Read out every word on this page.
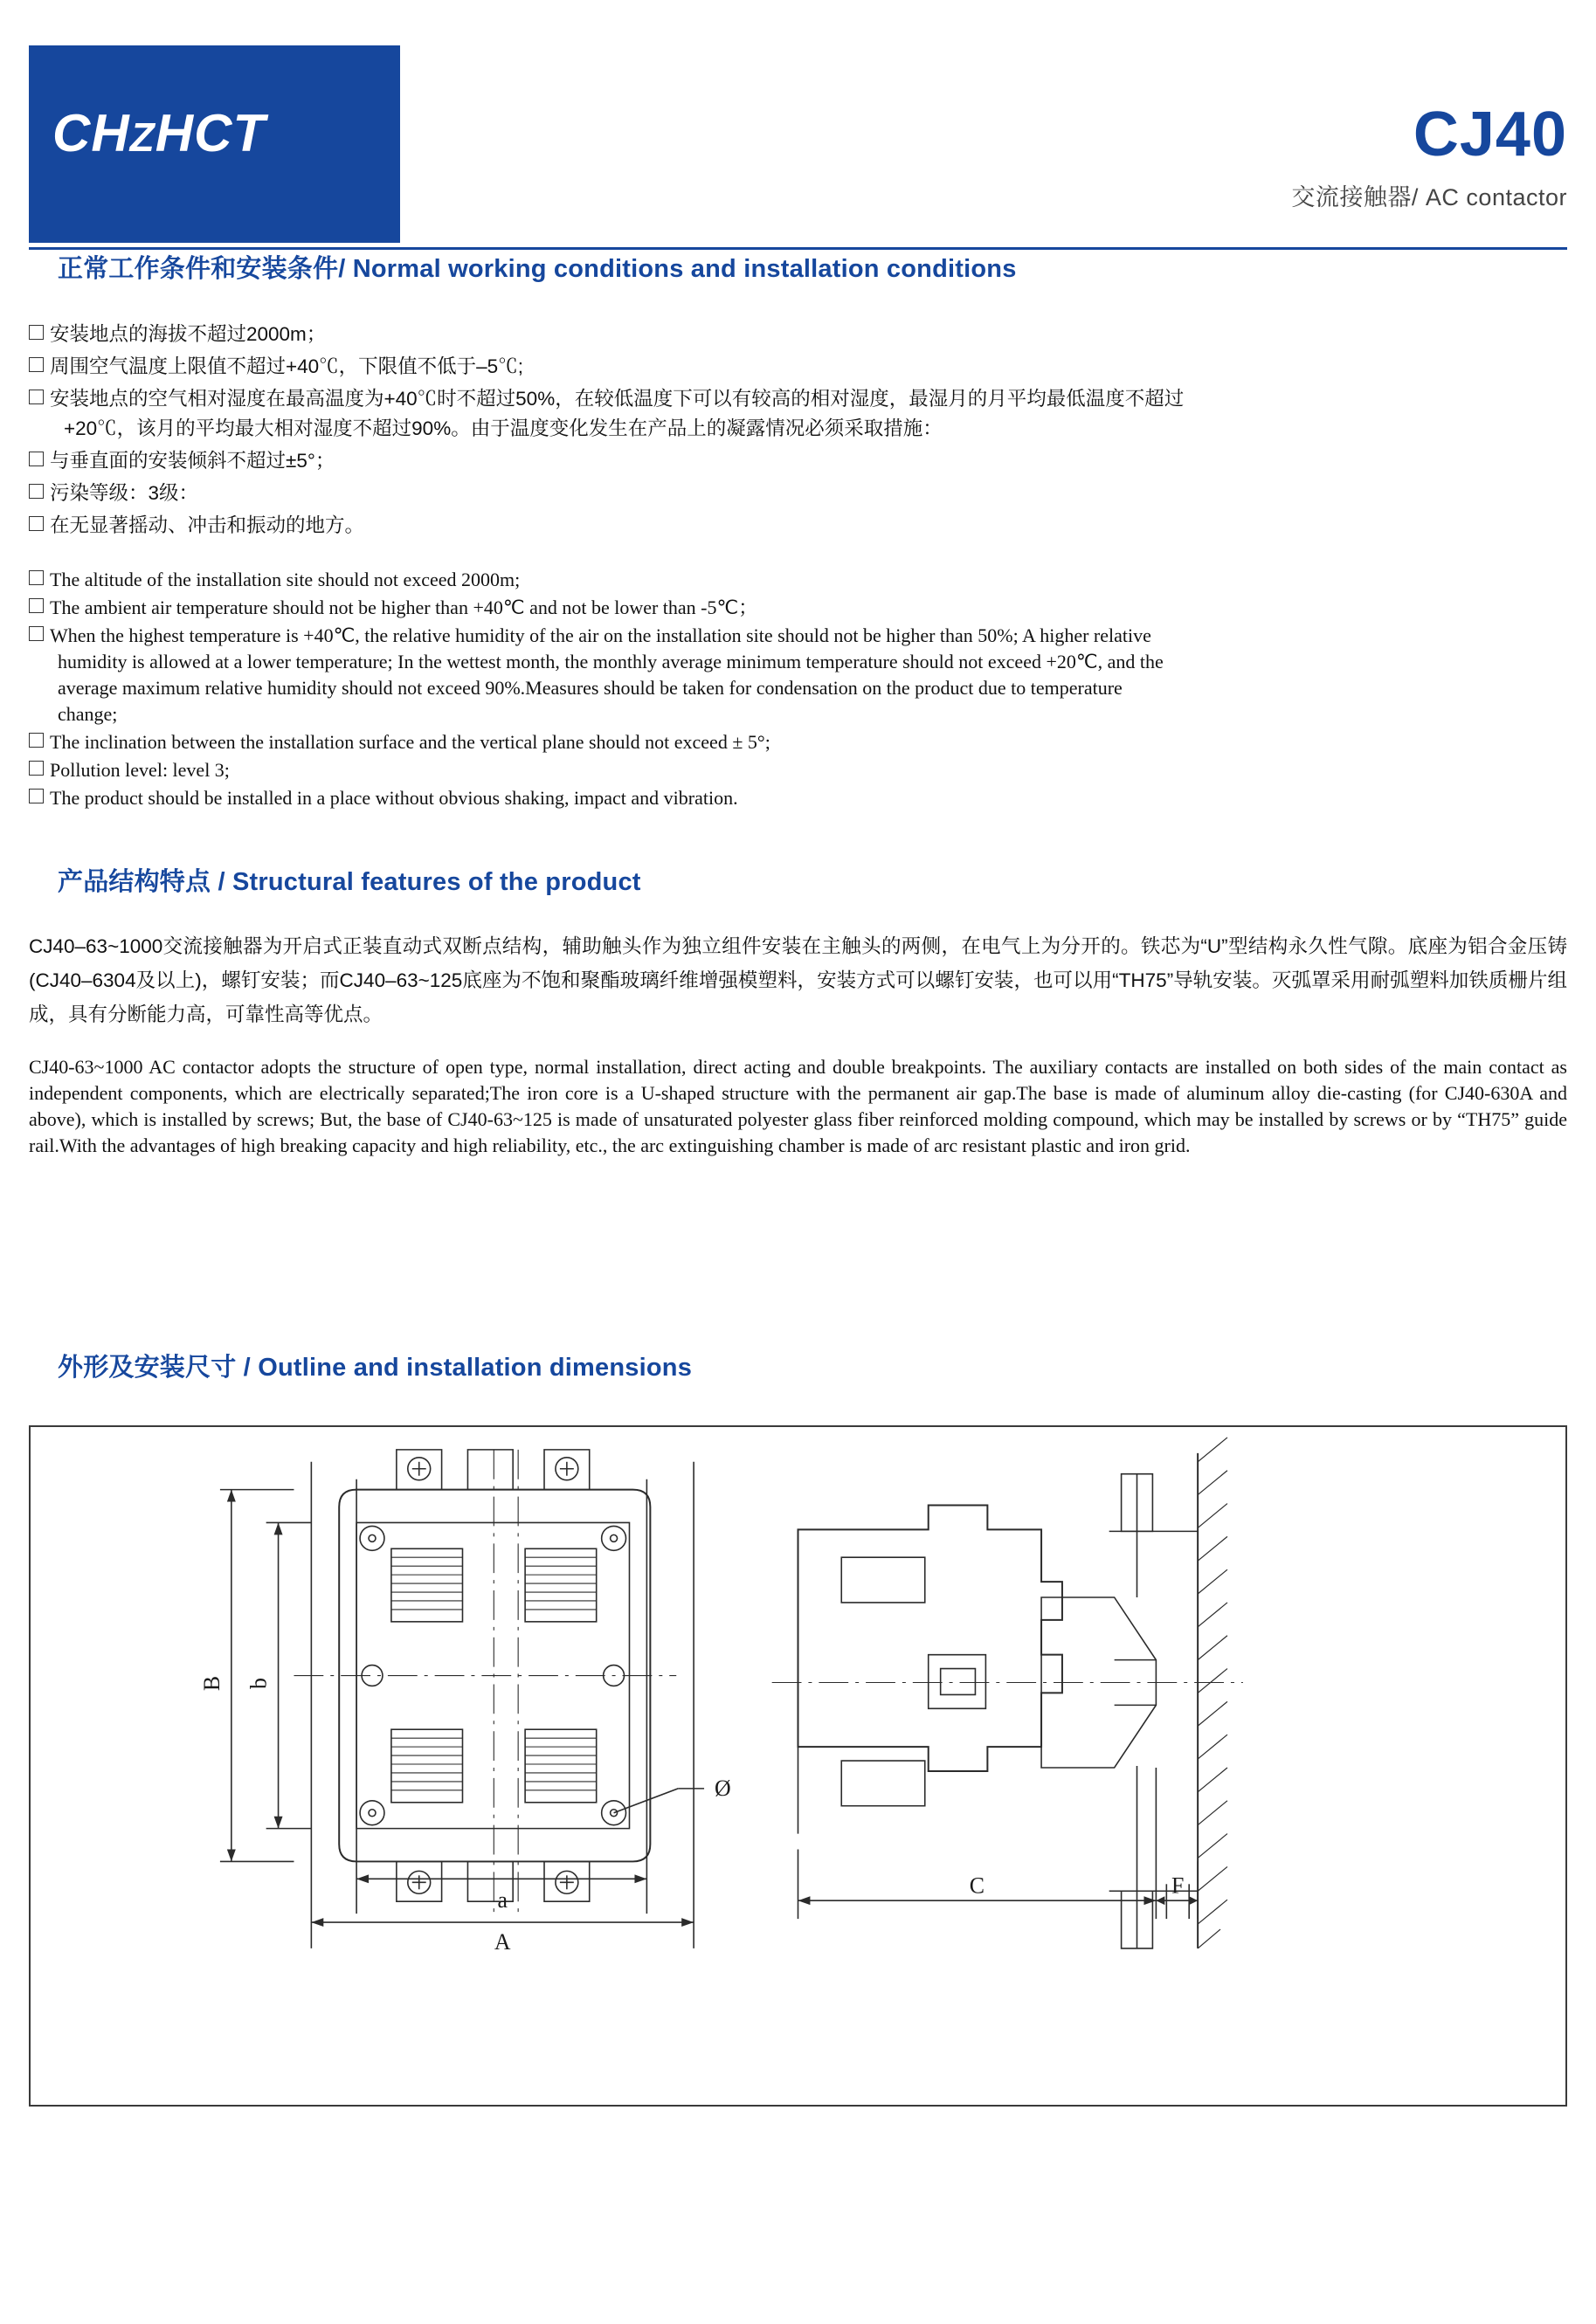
CHZHCT	CJ40
交流接触器/ AC contactor
正常工作条件和安装条件/ Normal working conditions and installation conditions
安装地点的海拔不超过2000m；
周围空气温度上限值不超过+40℃，下限值不低于–5℃;
安装地点的空气相对湿度在最高温度为+40℃时不超过50%，在较低温度下可以有较高的相对湿度，最湿月的月平均最低温度不超过
+20℃，该月的平均最大相对湿度不超过90%。由于温度变化发生在产品上的凝露情况必须采取措施：
与垂直面的安装倾斜不超过±5°；
污染等级：3级：
在无显著摇动、冲击和振动的地方。
The altitude of the installation site should not exceed 2000m;
The ambient air temperature should not be higher than +40℃ and not be lower than -5℃；
When the highest temperature is +40℃, the relative humidity of the air on the installation site should not be higher than 50%; A higher relative
humidity is allowed at a lower temperature; In the wettest month, the monthly average minimum temperature should not exceed +20℃, and the
average maximum relative humidity should not exceed 90%.Measures should be taken for condensation on the product due to temperature
change;
The inclination between the installation surface and the vertical plane should not exceed ± 5°;
Pollution level: level 3;
The product should be installed in a place without obvious shaking, impact and vibration.
产品结构特点 / Structural features of the product

CJ40–63~1000交流接触器为开启式正装直动式双断点结构，辅助触头作为独立组件安装在主触头的两侧，在电气上为分开的。铁芯为“U”型结构永久性气隙。底座为铝合金压铸(CJ40–6304及以上)，螺钉安装；而CJ40–63~125底座为不饱和聚酯玻璃纤维增强模塑料，安装方式可以螺钉安装，也可以用“TH75”导轨安装。灭弧罩采用耐弧塑料加铁质栅片组成，具有分断能力高，可靠性高等优点。

CJ40-63~1000 AC contactor adopts the structure of open type, normal installation, direct acting and double breakpoints. The auxiliary contacts are installed on both sides of the main contact as independent components, which are electrically separated;The iron core is a U-shaped structure with the permanent air gap.The base is made of aluminum alloy die-casting (for CJ40-630A and above), which is installed by screws; But, the base of CJ40-63~125 is made of unsaturated polyester glass fiber reinforced molding compound, which may be installed by screws or by “TH75” guide rail.With the advantages of high breaking capacity and high reliability, etc., the arc extinguishing chamber is made of arc resistant plastic and iron grid.

外形及安装尺寸 / Outline and installation dimensions
A
a
B b
Ø
C	F
